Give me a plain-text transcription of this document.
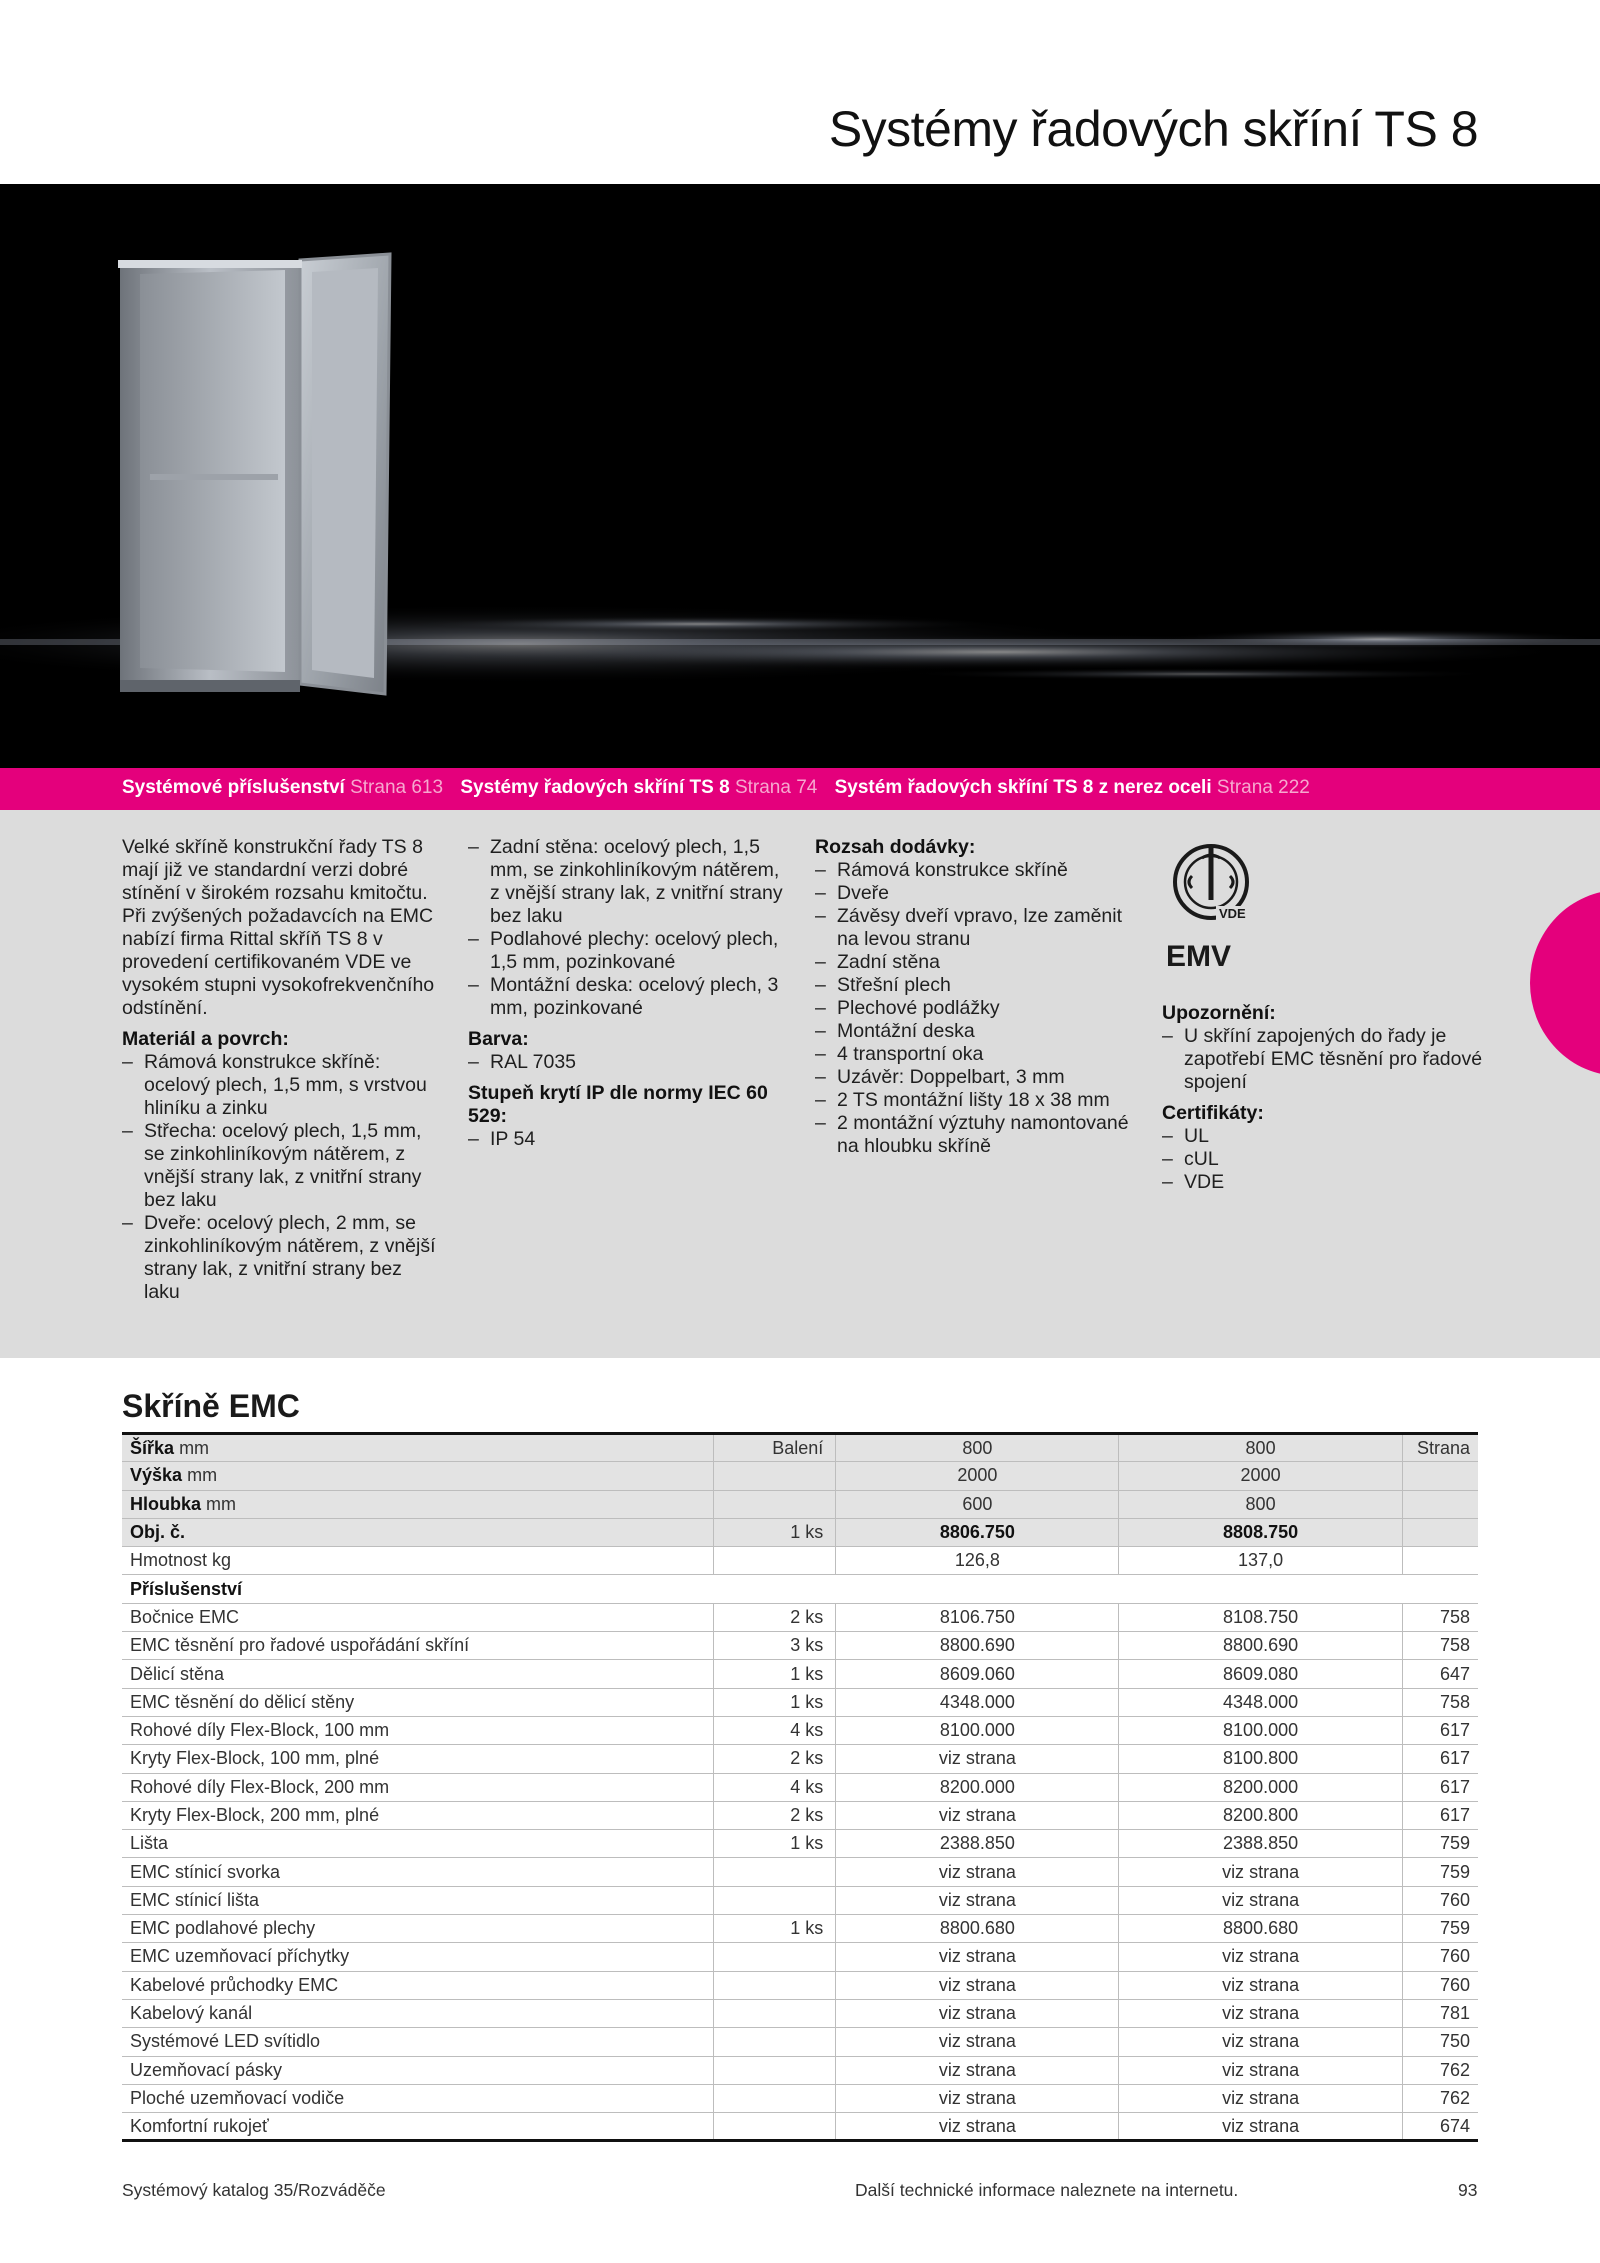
Systémy řadových skříní TS 8
Systémové příslušenství Strana 613 Systémy řadových skříní TS 8 Strana 74 Systém řadových skříní TS 8 z nerez oceli Strana 222

Velké skříně konstrukční řady TS 8 mají již ve standardní verzi dobré stínění v širokém rozsahu kmitočtu. Při zvýšených požadavcích na EMC nabízí firma Rittal skříň TS 8 v provedení certifikovaném VDE ve vysokém stupni vysokofrekvenčního odstínění.

Materiál a povrch:
– Rámová konstrukce skříně: ocelový plech, 1,5 mm, s vrstvou hliníku a zinku
– Střecha: ocelový plech, 1,5 mm, se zinkohliníkovým nátěrem, z vnější strany lak, z vnitřní strany bez laku
– Dveře: ocelový plech, 2 mm, se zinkohliníkovým nátěrem, z vnější strany lak, z vnitřní strany bez laku
– Zadní stěna: ocelový plech, 1,5 mm, se zinkohliníkovým nátěrem, z vnější strany lak, z vnitřní strany bez laku
– Podlahové plechy: ocelový plech, 1,5 mm, pozinkované
– Montážní deska: ocelový plech, 3 mm, pozinkované
Barva:
– RAL 7035
Stupeň krytí IP dle normy IEC 60 529:
– IP 54
Rozsah dodávky:
– Rámová konstrukce skříně
– Dveře
– Závěsy dveří vpravo, lze zaměnit na levou stranu
– Zadní stěna
– Střešní plech
– Plechové podlážky
– Montážní deska
– 4 transportní oka
– Uzávěr: Doppelbart, 3 mm
– 2 TS montážní lišty 18 x 38 mm
– 2 montážní výztuhy namontované na hloubku skříně
VDE
EMV
Upozornění:
– U skříní zapojených do řady je zapotřebí EMC těsnění pro řadové spojení
Certifikáty:
– UL
– cUL
– VDE
Skříně EMC
Šířka mm	Balení	800	800	Strana
Výška mm		2000	2000	
Hloubka mm		600	800	
Obj. č.	1 ks	8806.750	8808.750	
Hmotnost kg		126,8	137,0	
Příslušenství				
Bočnice EMC	2 ks	8106.750	8108.750	758
EMC těsnění pro řadové uspořádání skříní	3 ks	8800.690	8800.690	758
Dělicí stěna	1 ks	8609.060	8609.080	647
EMC těsnění do dělicí stěny	1 ks	4348.000	4348.000	758
Rohové díly Flex-Block, 100 mm	4 ks	8100.000	8100.000	617
Kryty Flex-Block, 100 mm, plné	2 ks	viz strana	8100.800	617
Rohové díly Flex-Block, 200 mm	4 ks	8200.000	8200.000	617
Kryty Flex-Block, 200 mm, plné	2 ks	viz strana	8200.800	617
Lišta	1 ks	2388.850	2388.850	759
EMC stínicí svorka		viz strana	viz strana	759
EMC stínicí lišta		viz strana	viz strana	760
EMC podlahové plechy	1 ks	8800.680	8800.680	759
EMC uzemňovací příchytky		viz strana	viz strana	760
Kabelové průchodky EMC		viz strana	viz strana	760
Kabelový kanál		viz strana	viz strana	781
Systémové LED svítidlo		viz strana	viz strana	750
Uzemňovací pásky		viz strana	viz strana	762
Ploché uzemňovací vodiče		viz strana	viz strana	762
Komfortní rukojeť		viz strana	viz strana	674
Systémový katalog 35/Rozváděče	Další technické informace naleznete na internetu.	93
